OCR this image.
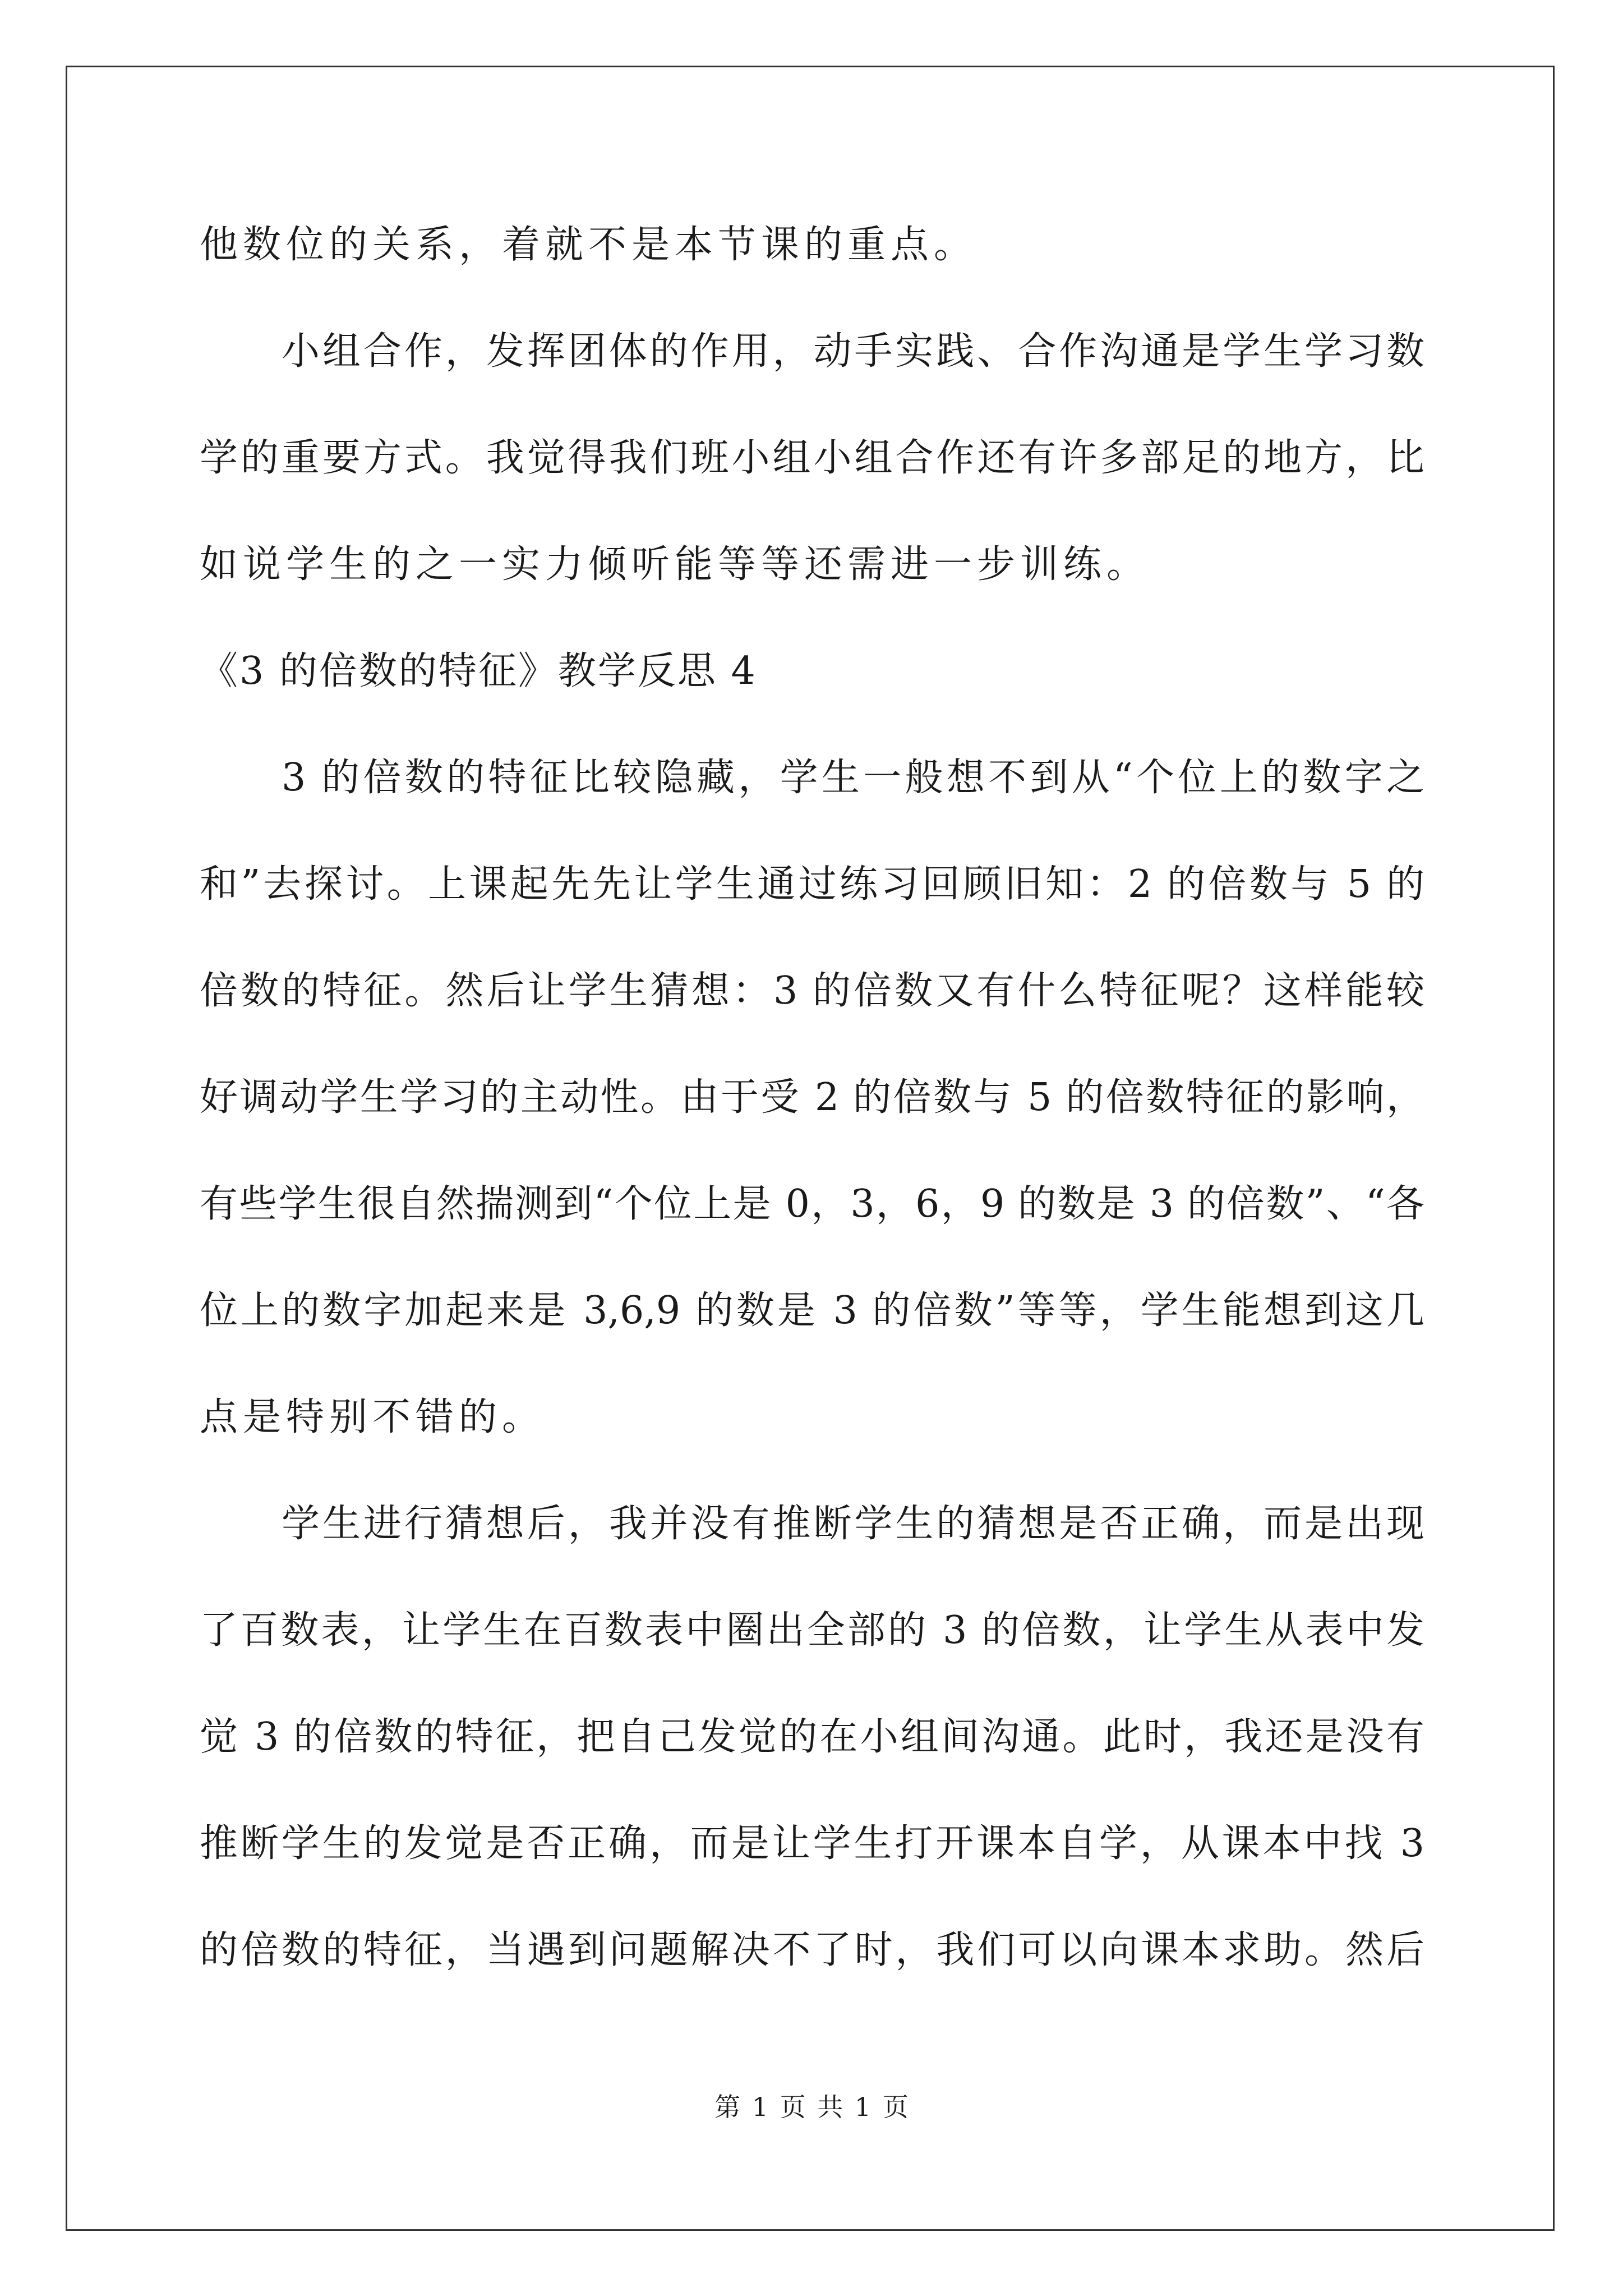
他数位的关系，着就不是本节课的重点。
小组合作，发挥团体的作用，动手实践、合作沟通是学生学习数
学的重要方式。我觉得我们班小组小组合作还有许多部足的地方，比
如说学生的之一实力倾听能等等还需进一步训练。
《3 的倍数的特征》教学反思 4
3 的倍数的特征比较隐藏，学生一般想不到从“个位上的数字之
和”去探讨。上课起先先让学生通过练习回顾旧知：2 的倍数与 5 的
倍数的特征。然后让学生猜想：3 的倍数又有什么特征呢？这样能较
好调动学生学习的主动性。由于受 2 的倍数与 5 的倍数特征的影响，
有些学生很自然揣测到“个位上是 0，3，6，9 的数是 3 的倍数”、“各
位上的数字加起来是 3,6,9 的数是 3 的倍数”等等，学生能想到这几
点是特别不错的。
学生进行猜想后，我并没有推断学生的猜想是否正确，而是出现
了百数表，让学生在百数表中圈出全部的 3 的倍数，让学生从表中发
觉 3 的倍数的特征，把自己发觉的在小组间沟通。此时，我还是没有
推断学生的发觉是否正确，而是让学生打开课本自学，从课本中找 3
的倍数的特征，当遇到问题解决不了时，我们可以向课本求助。然后
第 1 页 共 1 页
